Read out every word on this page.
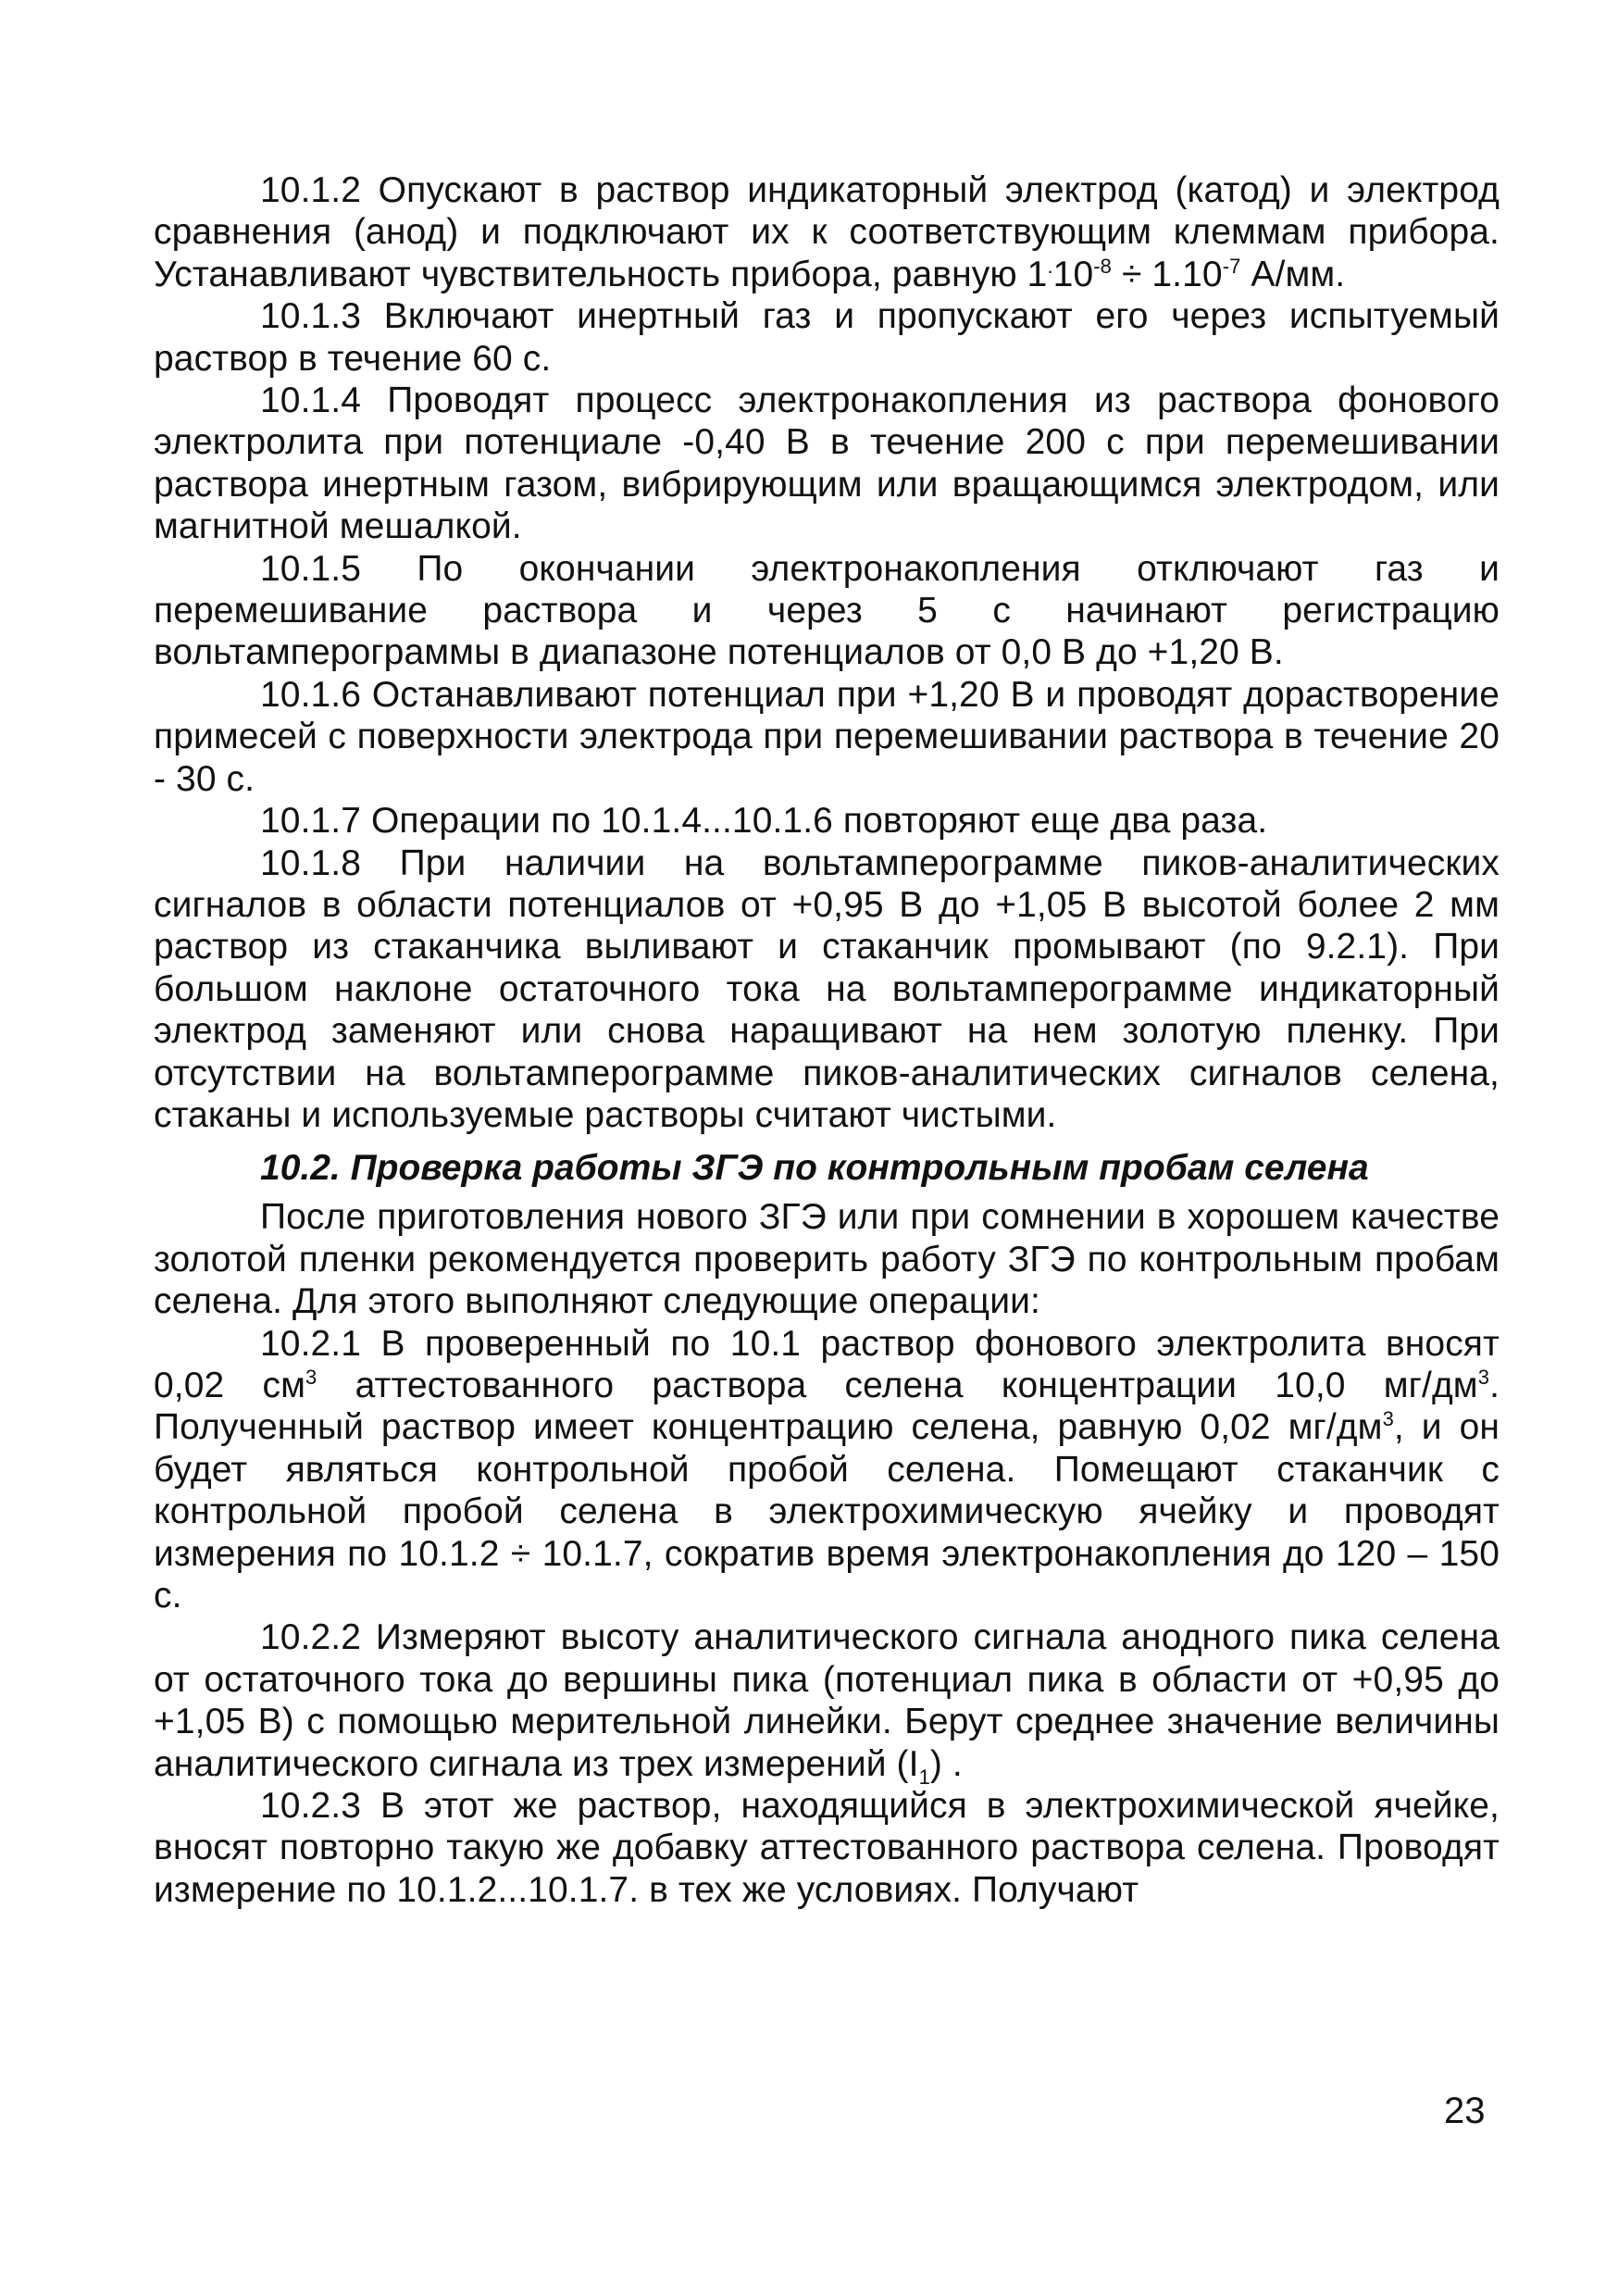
10.1.2 Опускают в раствор индикаторный электрод (катод) и электрод сравнения (анод) и подключают их к соответствующим клеммам прибора. Устанавливают чувствительность прибора, равную $1^.10^{-8} \div 1.10^{-7}$ А/мм.

10.1.3 Включают инертный газ и пропускают его через испытуемый раствор в течение 60 с.

10.1.4 Проводят процесс электронакопления из раствора фонового электролита при потенциале -0,40 В в течение 200 с при перемешивании раствора инертным газом, вибрирующим или вращающимся электродом, или магнитной мешалкой.

10.1.5 По окончании электронакопления отключают газ и перемешивание раствора и через 5 с начинают регистрацию вольтамперограммы в диапазоне потенциалов от 0,0 В до +1,20 В.

10.1.6 Останавливают потенциал при +1,20 В и проводят дорастворение примесей с поверхности электрода при перемешивании раствора в течение 20 - 30 с.

10.1.7 Операции по 10.1.4...10.1.6 повторяют еще два раза.

10.1.8 При наличии на вольтамперограмме пиков-аналитических сигналов в области потенциалов от +0,95 В до +1,05 В высотой более 2 мм раствор из стаканчика выливают и стаканчик промывают (по 9.2.1). При большом наклоне остаточного тока на вольтамперограмме индикаторный электрод заменяют или снова наращивают на нем золотую пленку. При отсутствии на вольтамперограмме пиков-аналитических сигналов селена, стаканы и используемые растворы считают чистыми.

10.2. Проверка работы ЗГЭ по контрольным пробам селена

После приготовления нового ЗГЭ или при сомнении в хорошем качестве золотой пленки рекомендуется проверить работу ЗГЭ по контрольным пробам селена. Для этого выполняют следующие операции:

10.2.1 В проверенный по 10.1 раствор фонового электролита вносят 0,02 $см^3$ аттестованного раствора селена концентрации 10,0 $мг/дм^3$. Полученный раствор имеет концентрацию селена, равную 0,02 $мг/дм^3$, и он будет являться контрольной пробой селена. Помещают стаканчик с контрольной пробой селена в электрохимическую ячейку и проводят измерения по 10.1.2 ÷ 10.1.7, сократив время электронакопления до 120 – 150 с.

10.2.2 Измеряют высоту аналитического сигнала анодного пика селена от остаточного тока до вершины пика (потенциал пика в области от +0,95 до +1,05 В) с помощью мерительной линейки. Берут среднее значение величины аналитического сигнала из трех измерений $(I_1)$ .

10.2.3 В этот же раствор, находящийся в электрохимической ячейке, вносят повторно такую же добавку аттестованного раствора селена. Проводят измерение по 10.1.2...10.1.7. в тех же условиях. Получают

23
